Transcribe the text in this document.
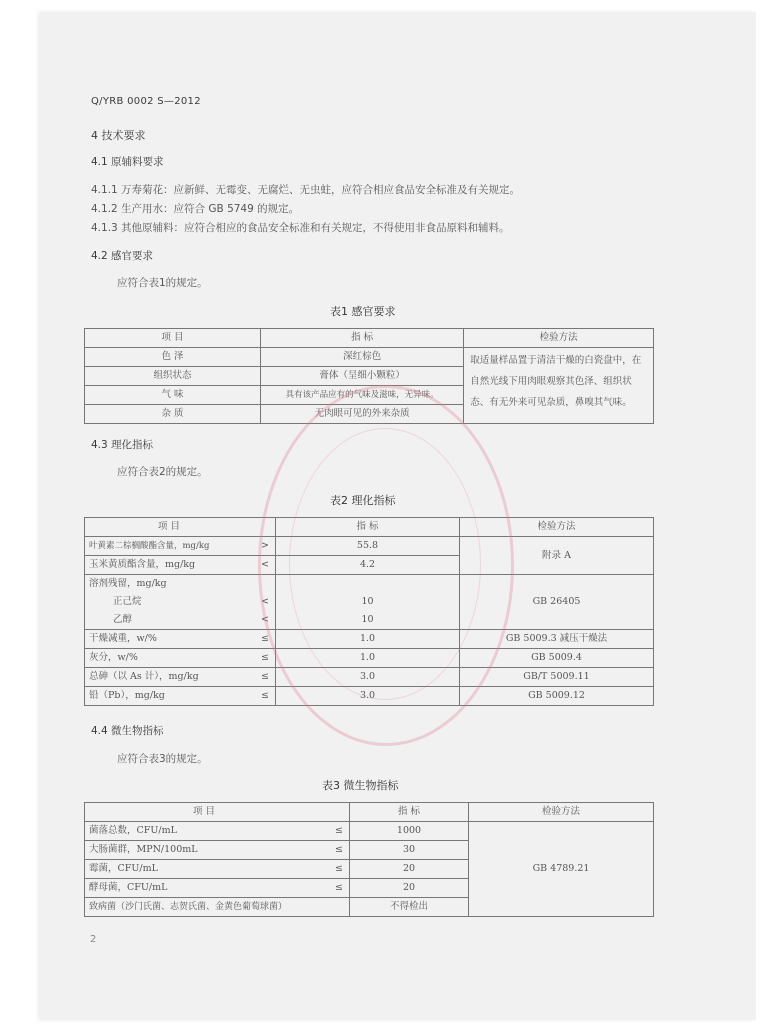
Q/YRB 0002 S—2012
4 技术要求
4.1 原辅料要求
4.1.1 万寿菊花：应新鲜、无霉变、无腐烂、无虫蛀，应符合相应食品安全标准及有关规定。
4.1.2 生产用水：应符合 GB 5749 的规定。
4.1.3 其他原辅料：应符合相应的食品安全标准和有关规定，不得使用非食品原料和辅料。
4.2 感官要求
应符合表1的规定。
表1 感官要求
项 目	指 标	检验方法
色 泽	深红棕色	取适量样品置于清洁干燥的白瓷盘中，在自然光线下用肉眼观察其色泽、组织状态、有无外来可见杂质，鼻嗅其气味。
组织状态	膏体（呈细小颗粒）	
气 味	具有该产品应有的气味及滋味，无异味。	
杂 质	无肉眼可见的外来杂质	
4.3 理化指标
应符合表2的规定。
表2 理化指标
项 目		指 标	检验方法
叶黄素二棕榈酸酯含量，mg/kg	>	55.8	附录 A
玉米黄质酯含量，mg/kg	<	4.2	
溶剂残留，mg/kg			GB 26405
正己烷	<	10	
乙醇	<	10	
干燥减重，w/%	≤	1.0	GB 5009.3 减压干燥法
灰分，w/%	≤	1.0	GB 5009.4
总砷（以 As 计），mg/kg	≤	3.0	GB/T 5009.11
铅（Pb），mg/kg	≤	3.0	GB 5009.12
4.4 微生物指标
应符合表3的规定。
表3 微生物指标
项 目		指 标	检验方法
菌落总数，CFU/mL	≤	1000	GB 4789.21
大肠菌群，MPN/100mL	≤	30	
霉菌，CFU/mL	≤	20	
酵母菌，CFU/mL	≤	20	
致病菌（沙门氏菌、志贺氏菌、金黄色葡萄球菌）		不得检出	
2
